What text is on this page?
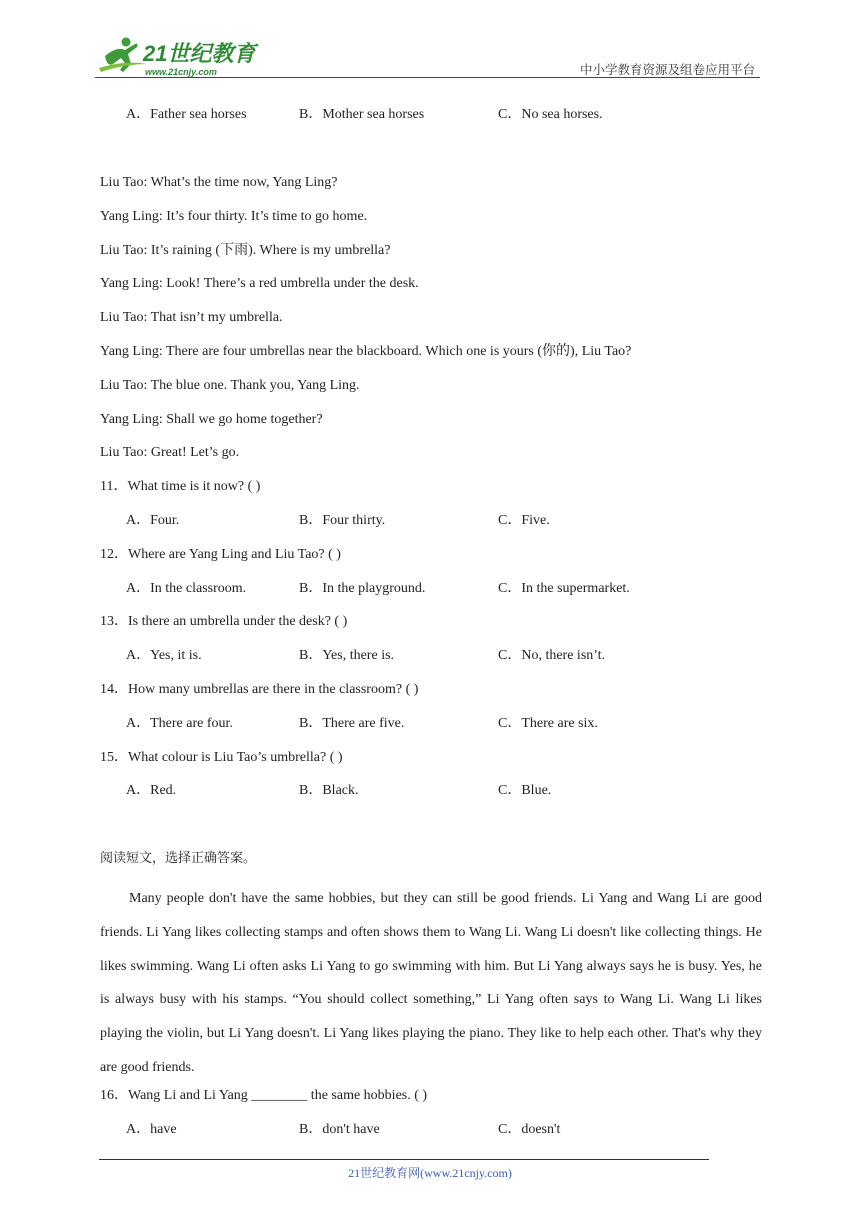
21世纪教育
www.21cnjy.com	中小学教育资源及组卷应用平台
A．Father sea horses	B．Mother sea horses	C．No sea horses.
Liu Tao: What’s the time now, Yang Ling?
Yang Ling: It’s four thirty. It’s time to go home.
Liu Tao: It’s raining (下雨). Where is my umbrella?
Yang Ling: Look! There’s a red umbrella under the desk.
Liu Tao: That isn’t my umbrella.
Yang Ling: There are four umbrellas near the blackboard. Which one is yours (你的), Liu Tao?
Liu Tao: The blue one. Thank you, Yang Ling.
Yang Ling: Shall we go home together?
Liu Tao: Great! Let’s go.
11．What time is it now? ( )
A．Four.	B．Four thirty.	C．Five.
12．Where are Yang Ling and Liu Tao? ( )
A．In the classroom.	B．In the playground.	C．In the supermarket.
13．Is there an umbrella under the desk? ( )
A．Yes, it is.	B．Yes, there is.	C．No, there isn’t.
14．How many umbrellas are there in the classroom? ( )
A．There are four.	B．There are five.	C．There are six.
15．What colour is Liu Tao’s umbrella? ( )
A．Red.	B．Black.	C．Blue.
阅读短文，选择正确答案。
Many people don't have the same hobbies, but they can still be good friends. Li Yang and Wang Li are good friends. Li Yang likes collecting stamps and often shows them to Wang Li. Wang Li doesn't like collecting things. He likes swimming. Wang Li often asks Li Yang to go swimming with him. But Li Yang always says he is busy. Yes, he is always busy with his stamps. “You should collect something,” Li Yang often says to Wang Li. Wang Li likes playing the violin, but Li Yang doesn't. Li Yang likes playing the piano. They like to help each other. That's why they are good friends.
16．Wang Li and Li Yang ________ the same hobbies. ( )
A．have	B．don't have	C．doesn't
21世纪教育网(www.21cnjy.com)
